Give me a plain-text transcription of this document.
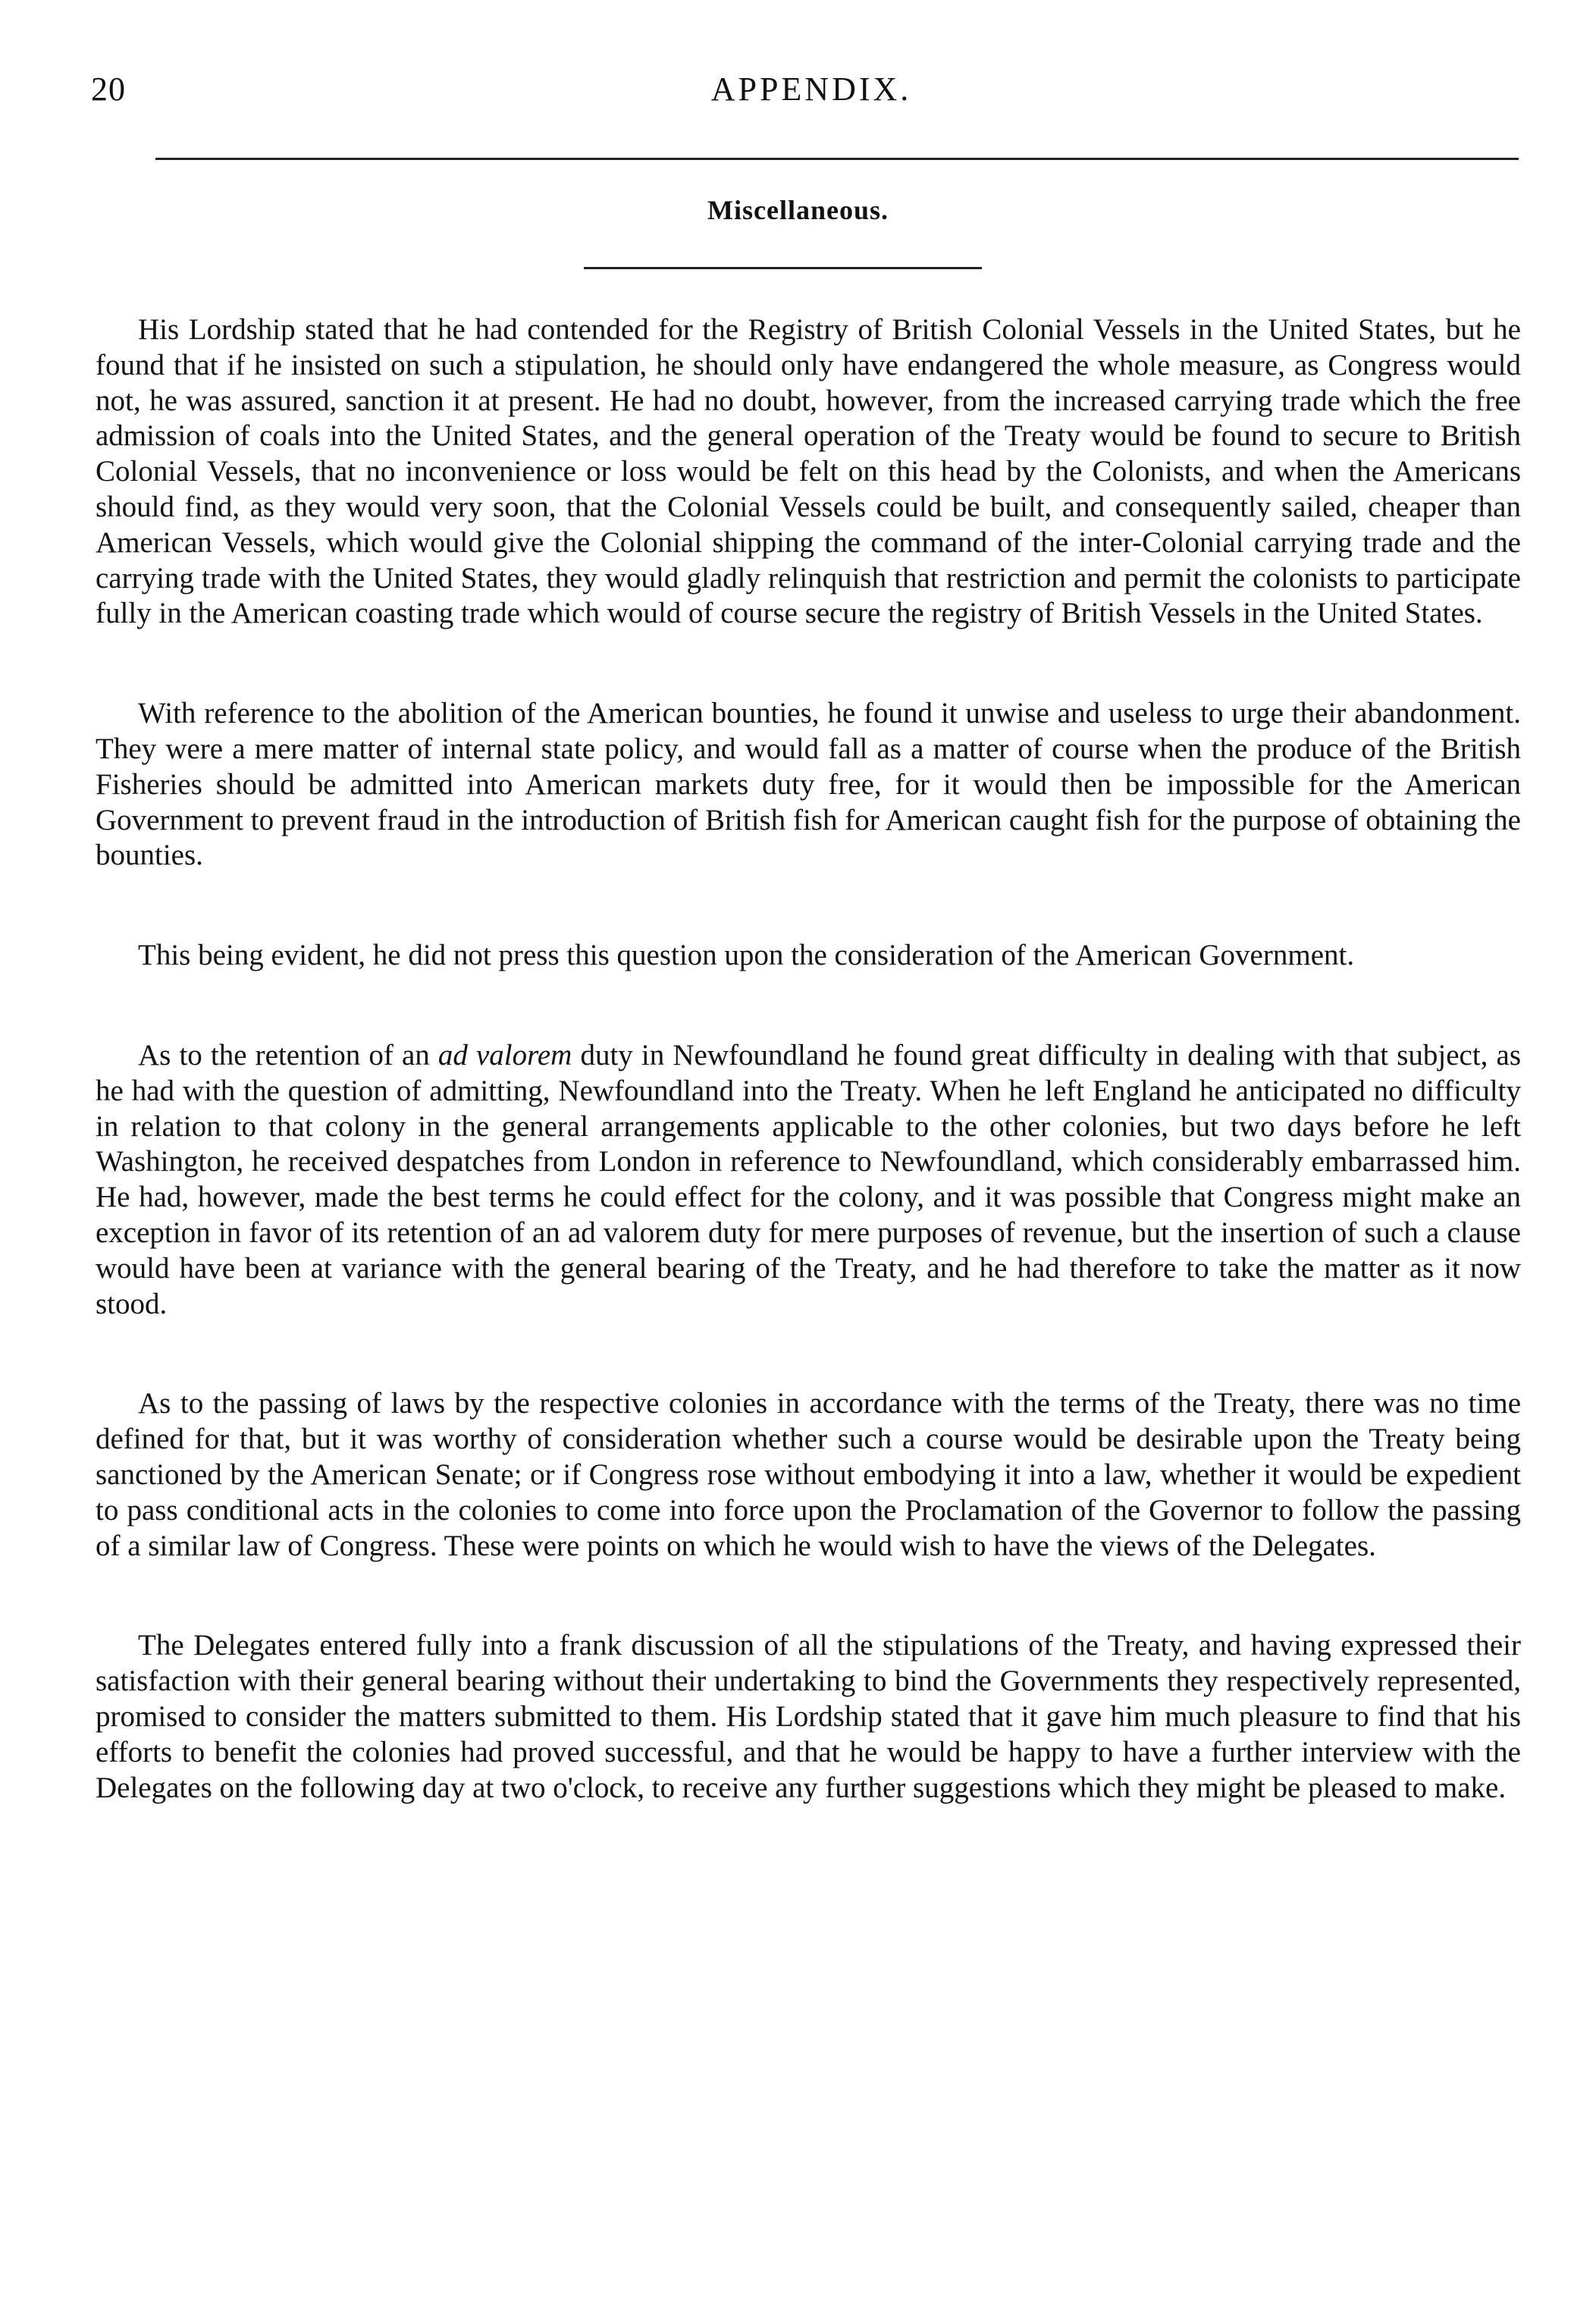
20	APPENDIX.
Miscellaneous.

His Lordship stated that he had contended for the Registry of British Colonial Vessels in the United States, but he found that if he insisted on such a stipulation, he should only have endangered the whole measure, as Congress would not, he was assured, sanction it at present. He had no doubt, however, from the increased carrying trade which the free admission of coals into the United States, and the general operation of the Treaty would be found to secure to British Colonial Vessels, that no inconvenience or loss would be felt on this head by the Colonists, and when the Americans should find, as they would very soon, that the Colonial Vessels could be built, and consequently sailed, cheaper than American Vessels, which would give the Colonial shipping the command of the inter-Colonial carrying trade and the carrying trade with the United States, they would gladly relinquish that restriction and permit the colonists to participate fully in the American coasting trade which would of course secure the registry of British Vessels in the United States.

With reference to the abolition of the American bounties, he found it unwise and useless to urge their abandonment. They were a mere matter of internal state policy, and would fall as a matter of course when the produce of the British Fisheries should be admitted into American markets duty free, for it would then be impossible for the American Government to prevent fraud in the introduction of British fish for American caught fish for the purpose of obtaining the bounties.

This being evident, he did not press this question upon the consideration of the American Government.

As to the retention of an ad valorem duty in Newfoundland he found great difficulty in dealing with that subject, as he had with the question of admitting, Newfoundland into the Treaty. When he left England he anticipated no difficulty in relation to that colony in the general arrangements applicable to the other colonies, but two days before he left Washington, he received despatches from London in reference to Newfoundland, which considerably embarrassed him. He had, however, made the best terms he could effect for the colony, and it was possible that Congress might make an exception in favor of its retention of an ad valorem duty for mere purposes of revenue, but the insertion of such a clause would have been at variance with the general bearing of the Treaty, and he had therefore to take the matter as it now stood.

As to the passing of laws by the respective colonies in accordance with the terms of the Treaty, there was no time defined for that, but it was worthy of consideration whether such a course would be desirable upon the Treaty being sanctioned by the American Senate; or if Congress rose without embodying it into a law, whether it would be expedient to pass conditional acts in the colonies to come into force upon the Proclamation of the Governor to follow the passing of a similar law of Congress. These were points on which he would wish to have the views of the Delegates.

The Delegates entered fully into a frank discussion of all the stipulations of the Treaty, and having expressed their satisfaction with their general bearing without their undertaking to bind the Governments they respectively represented, promised to consider the matters submitted to them. His Lordship stated that it gave him much pleasure to find that his efforts to benefit the colonies had proved successful, and that he would be happy to have a further interview with the Delegates on the following day at two o'clock, to receive any further suggestions which they might be pleased to make.
